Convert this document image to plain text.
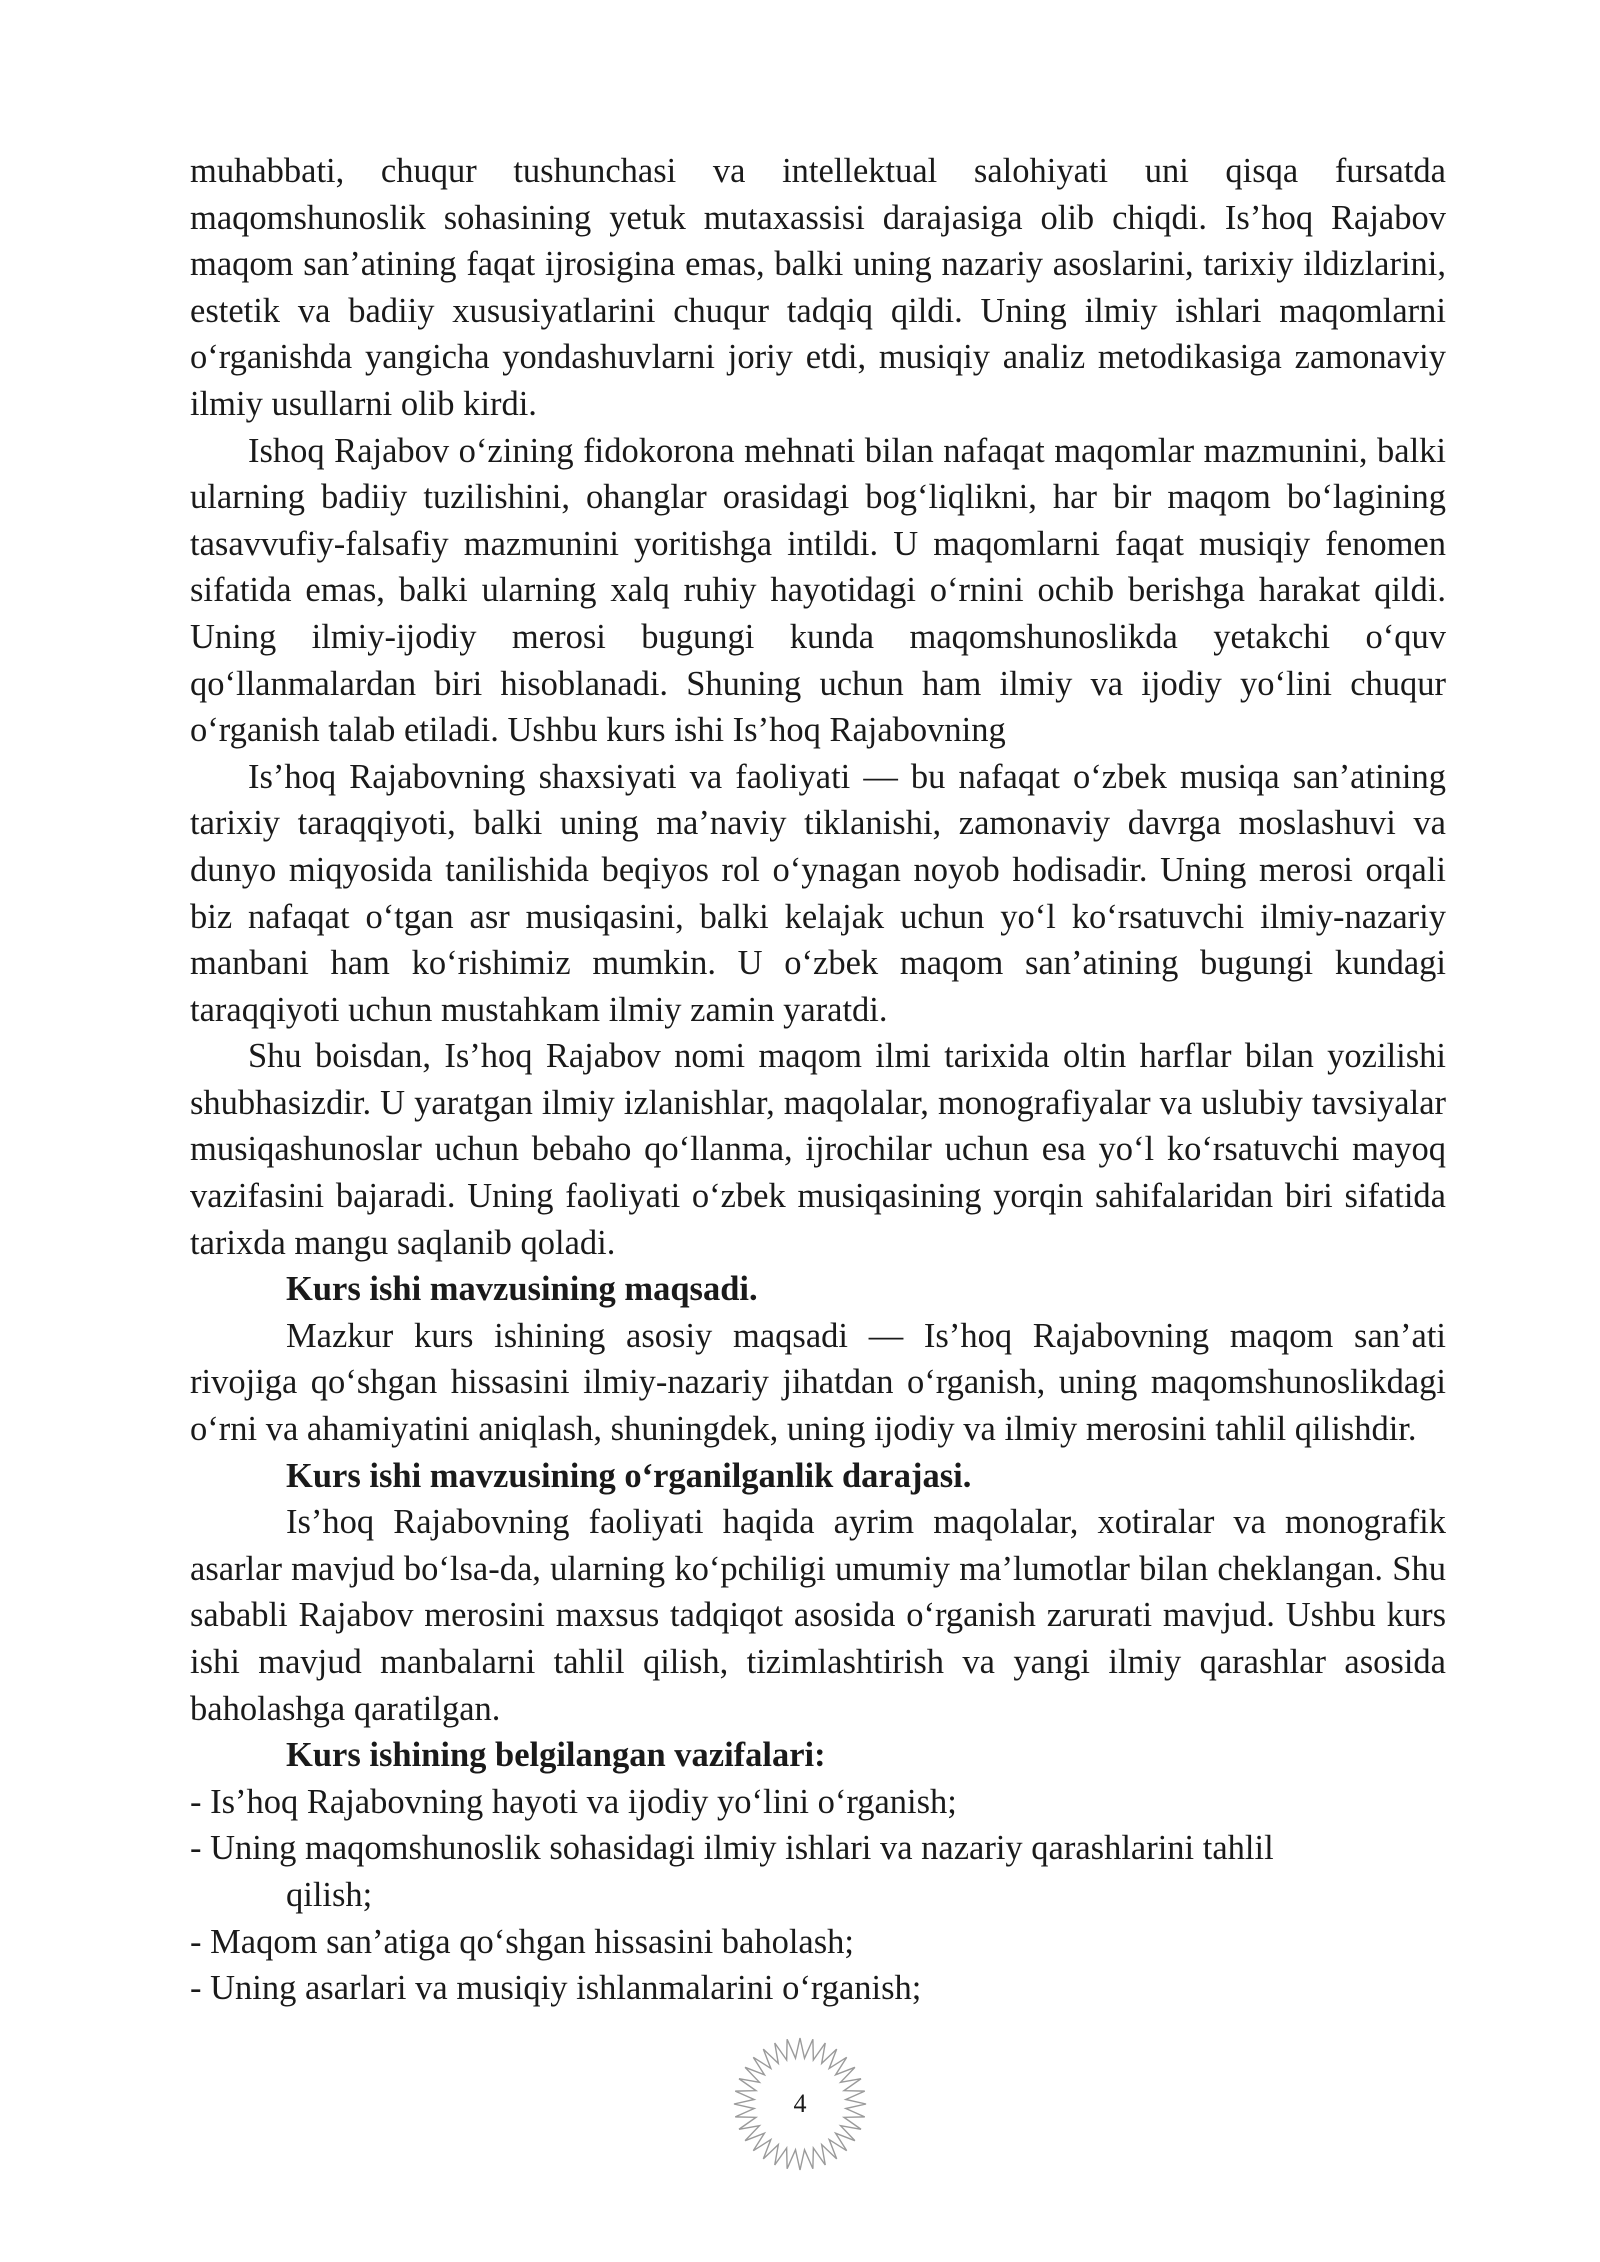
muhabbati, chuqur tushunchasi va intellektual salohiyati uni qisqa fursatda maqomshunoslik sohasining yetuk mutaxassisi darajasiga olib chiqdi. Is’hoq Rajabov maqom san’atining faqat ijrosigina emas, balki uning nazariy asoslarini, tarixiy ildizlarini, estetik va badiiy xususiyatlarini chuqur tadqiq qildi. Uning ilmiy ishlari maqomlarni o‘rganishda yangicha yondashuvlarni joriy etdi, musiqiy analiz metodikasiga zamonaviy ilmiy usullarni olib kirdi.

Ishoq Rajabov o‘zining fidokorona mehnati bilan nafaqat maqomlar mazmunini, balki ularning badiiy tuzilishini, ohanglar orasidagi bog‘liqlikni, har bir maqom bo‘lagining tasavvufiy-falsafiy mazmunini yoritishga intildi. U maqomlarni faqat musiqiy fenomen sifatida emas, balki ularning xalq ruhiy hayotidagi o‘rnini ochib berishga harakat qildi. Uning ilmiy-ijodiy merosi bugungi kunda maqomshunoslikda yetakchi o‘quv qo‘llanmalardan biri hisoblanadi. Shuning uchun ham ilmiy va ijodiy yo‘lini chuqur o‘rganish talab etiladi. Ushbu kurs ishi Is’hoq Rajabovning

Is’hoq Rajabovning shaxsiyati va faoliyati — bu nafaqat o‘zbek musiqa san’atining tarixiy taraqqiyoti, balki uning ma’naviy tiklanishi, zamonaviy davrga moslashuvi va dunyo miqyosida tanilishida beqiyos rol o‘ynagan noyob hodisadir. Uning merosi orqali biz nafaqat o‘tgan asr musiqasini, balki kelajak uchun yo‘l ko‘rsatuvchi ilmiy-nazariy manbani ham ko‘rishimiz mumkin. U o‘zbek maqom san’atining bugungi kundagi taraqqiyoti uchun mustahkam ilmiy zamin yaratdi.

Shu boisdan, Is’hoq Rajabov nomi maqom ilmi tarixida oltin harflar bilan yozilishi shubhasizdir. U yaratgan ilmiy izlanishlar, maqolalar, monografiyalar va uslubiy tavsiyalar musiqashunoslar uchun bebaho qo‘llanma, ijrochilar uchun esa yo‘l ko‘rsatuvchi mayoq vazifasini bajaradi. Uning faoliyati o‘zbek musiqasining yorqin sahifalaridan biri sifatida tarixda mangu saqlanib qoladi.

Kurs ishi mavzusining maqsadi.

Mazkur kurs ishining asosiy maqsadi — Is’hoq Rajabovning maqom san’ati rivojiga qo‘shgan hissasini ilmiy-nazariy jihatdan o‘rganish, uning maqomshunoslikdagi o‘rni va ahamiyatini aniqlash, shuningdek, uning ijodiy va ilmiy merosini tahlil qilishdir.

Kurs ishi mavzusining o‘rganilganlik darajasi.

Is’hoq Rajabovning faoliyati haqida ayrim maqolalar, xotiralar va monografik asarlar mavjud bo‘lsa-da, ularning ko‘pchiligi umumiy ma’lumotlar bilan cheklangan. Shu sababli Rajabov merosini maxsus tadqiqot asosida o‘rganish zarurati mavjud. Ushbu kurs ishi mavjud manbalarni tahlil qilish, tizimlashtirish va yangi ilmiy qarashlar asosida baholashga qaratilgan.

Kurs ishining belgilangan vazifalari:

- Is’hoq Rajabovning hayoti va ijodiy yo‘lini o‘rganish;
- Uning maqomshunoslik sohasidagi ilmiy ishlari va nazariy qarashlarini tahlil
qilish;
- Maqom san’atiga qo‘shgan hissasini baholash;
- Uning asarlari va musiqiy ishlanmalarini o‘rganish;
4
